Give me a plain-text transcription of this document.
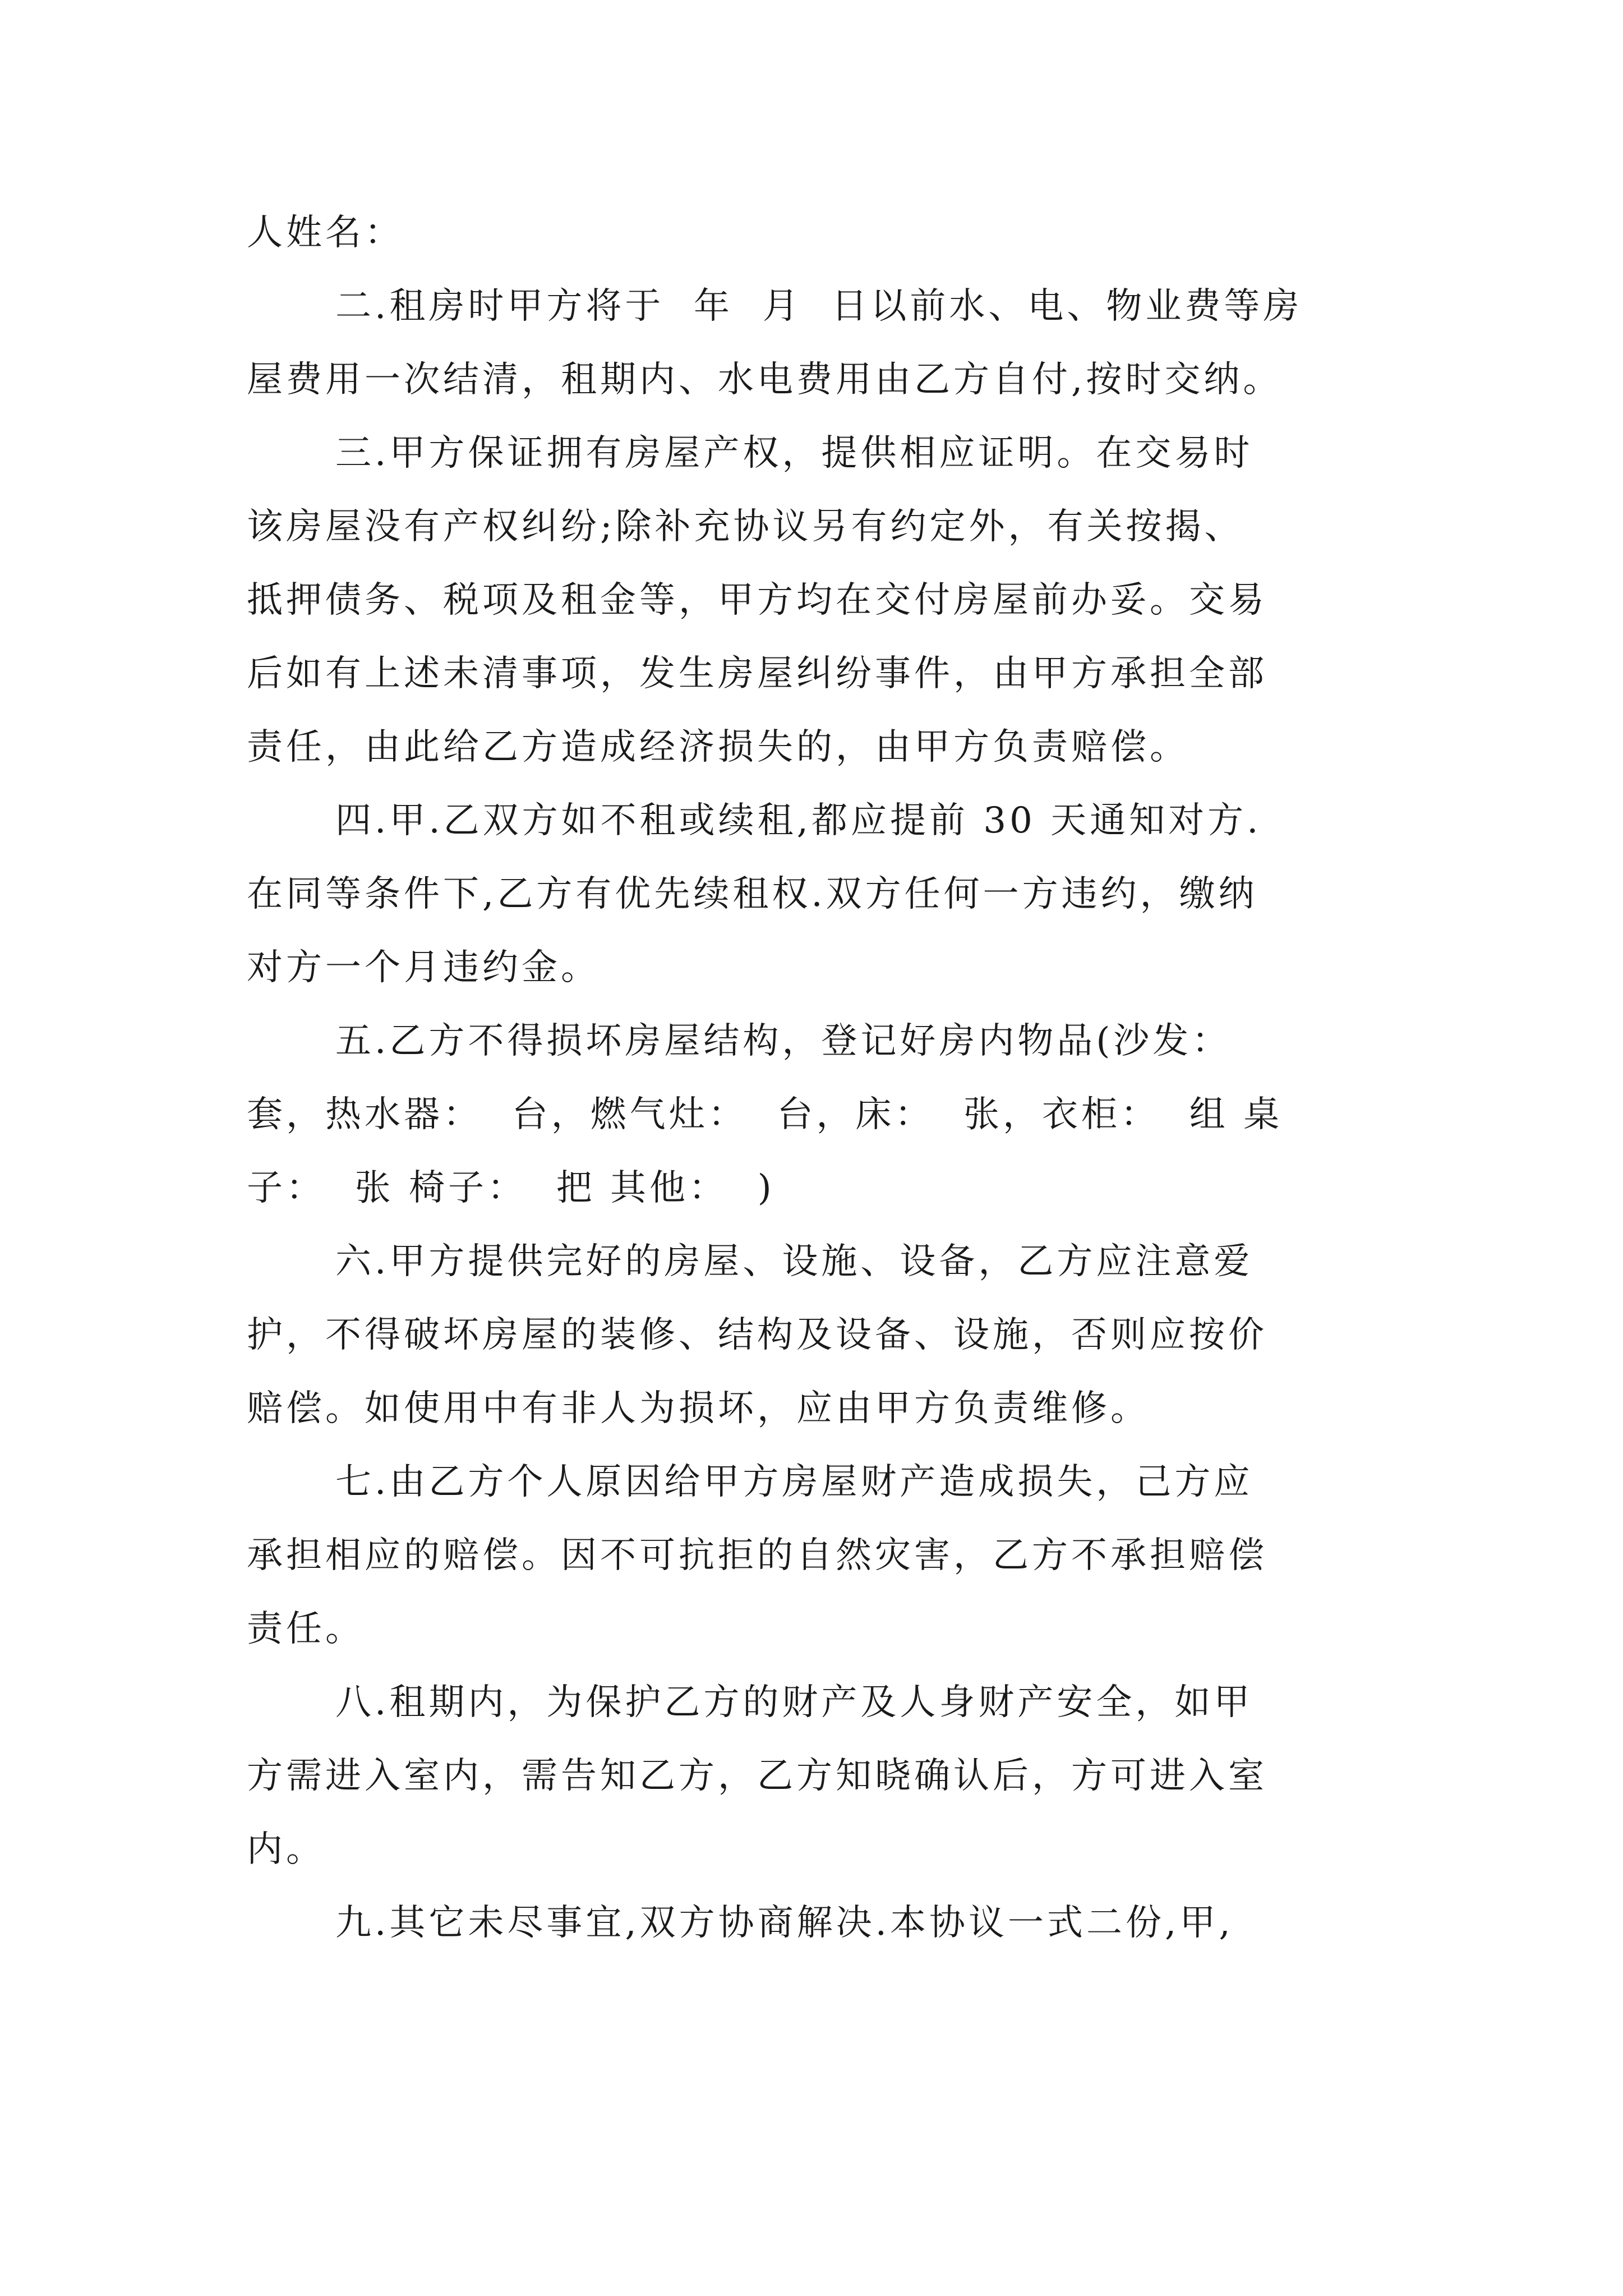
人姓名：
二.租房时甲方将于  年  月  日以前水、电、物业费等房
屋费用一次结清，租期内、水电费用由乙方自付,按时交纳。
三.甲方保证拥有房屋产权，提供相应证明。在交易时
该房屋没有产权纠纷;除补充协议另有约定外，有关按揭、
抵押债务、税项及租金等，甲方均在交付房屋前办妥。交易
后如有上述未清事项，发生房屋纠纷事件，由甲方承担全部
责任，由此给乙方造成经济损失的，由甲方负责赔偿。
四.甲.乙双方如不租或续租,都应提前 30 天通知对方.
在同等条件下,乙方有优先续租权.双方任何一方违约，缴纳
对方一个月违约金。
五.乙方不得损坏房屋结构，登记好房内物品(沙发：
套，热水器：  台，燃气灶：  台，床：  张，衣柜：  组 桌
子：  张 椅子：  把 其他：  )
六.甲方提供完好的房屋、设施、设备，乙方应注意爱
护，不得破坏房屋的装修、结构及设备、设施，否则应按价
赔偿。如使用中有非人为损坏，应由甲方负责维修。
七.由乙方个人原因给甲方房屋财产造成损失，己方应
承担相应的赔偿。因不可抗拒的自然灾害，乙方不承担赔偿
责任。
八.租期内，为保护乙方的财产及人身财产安全，如甲
方需进入室内，需告知乙方，乙方知晓确认后，方可进入室
内。
九.其它未尽事宜,双方协商解决.本协议一式二份,甲,
